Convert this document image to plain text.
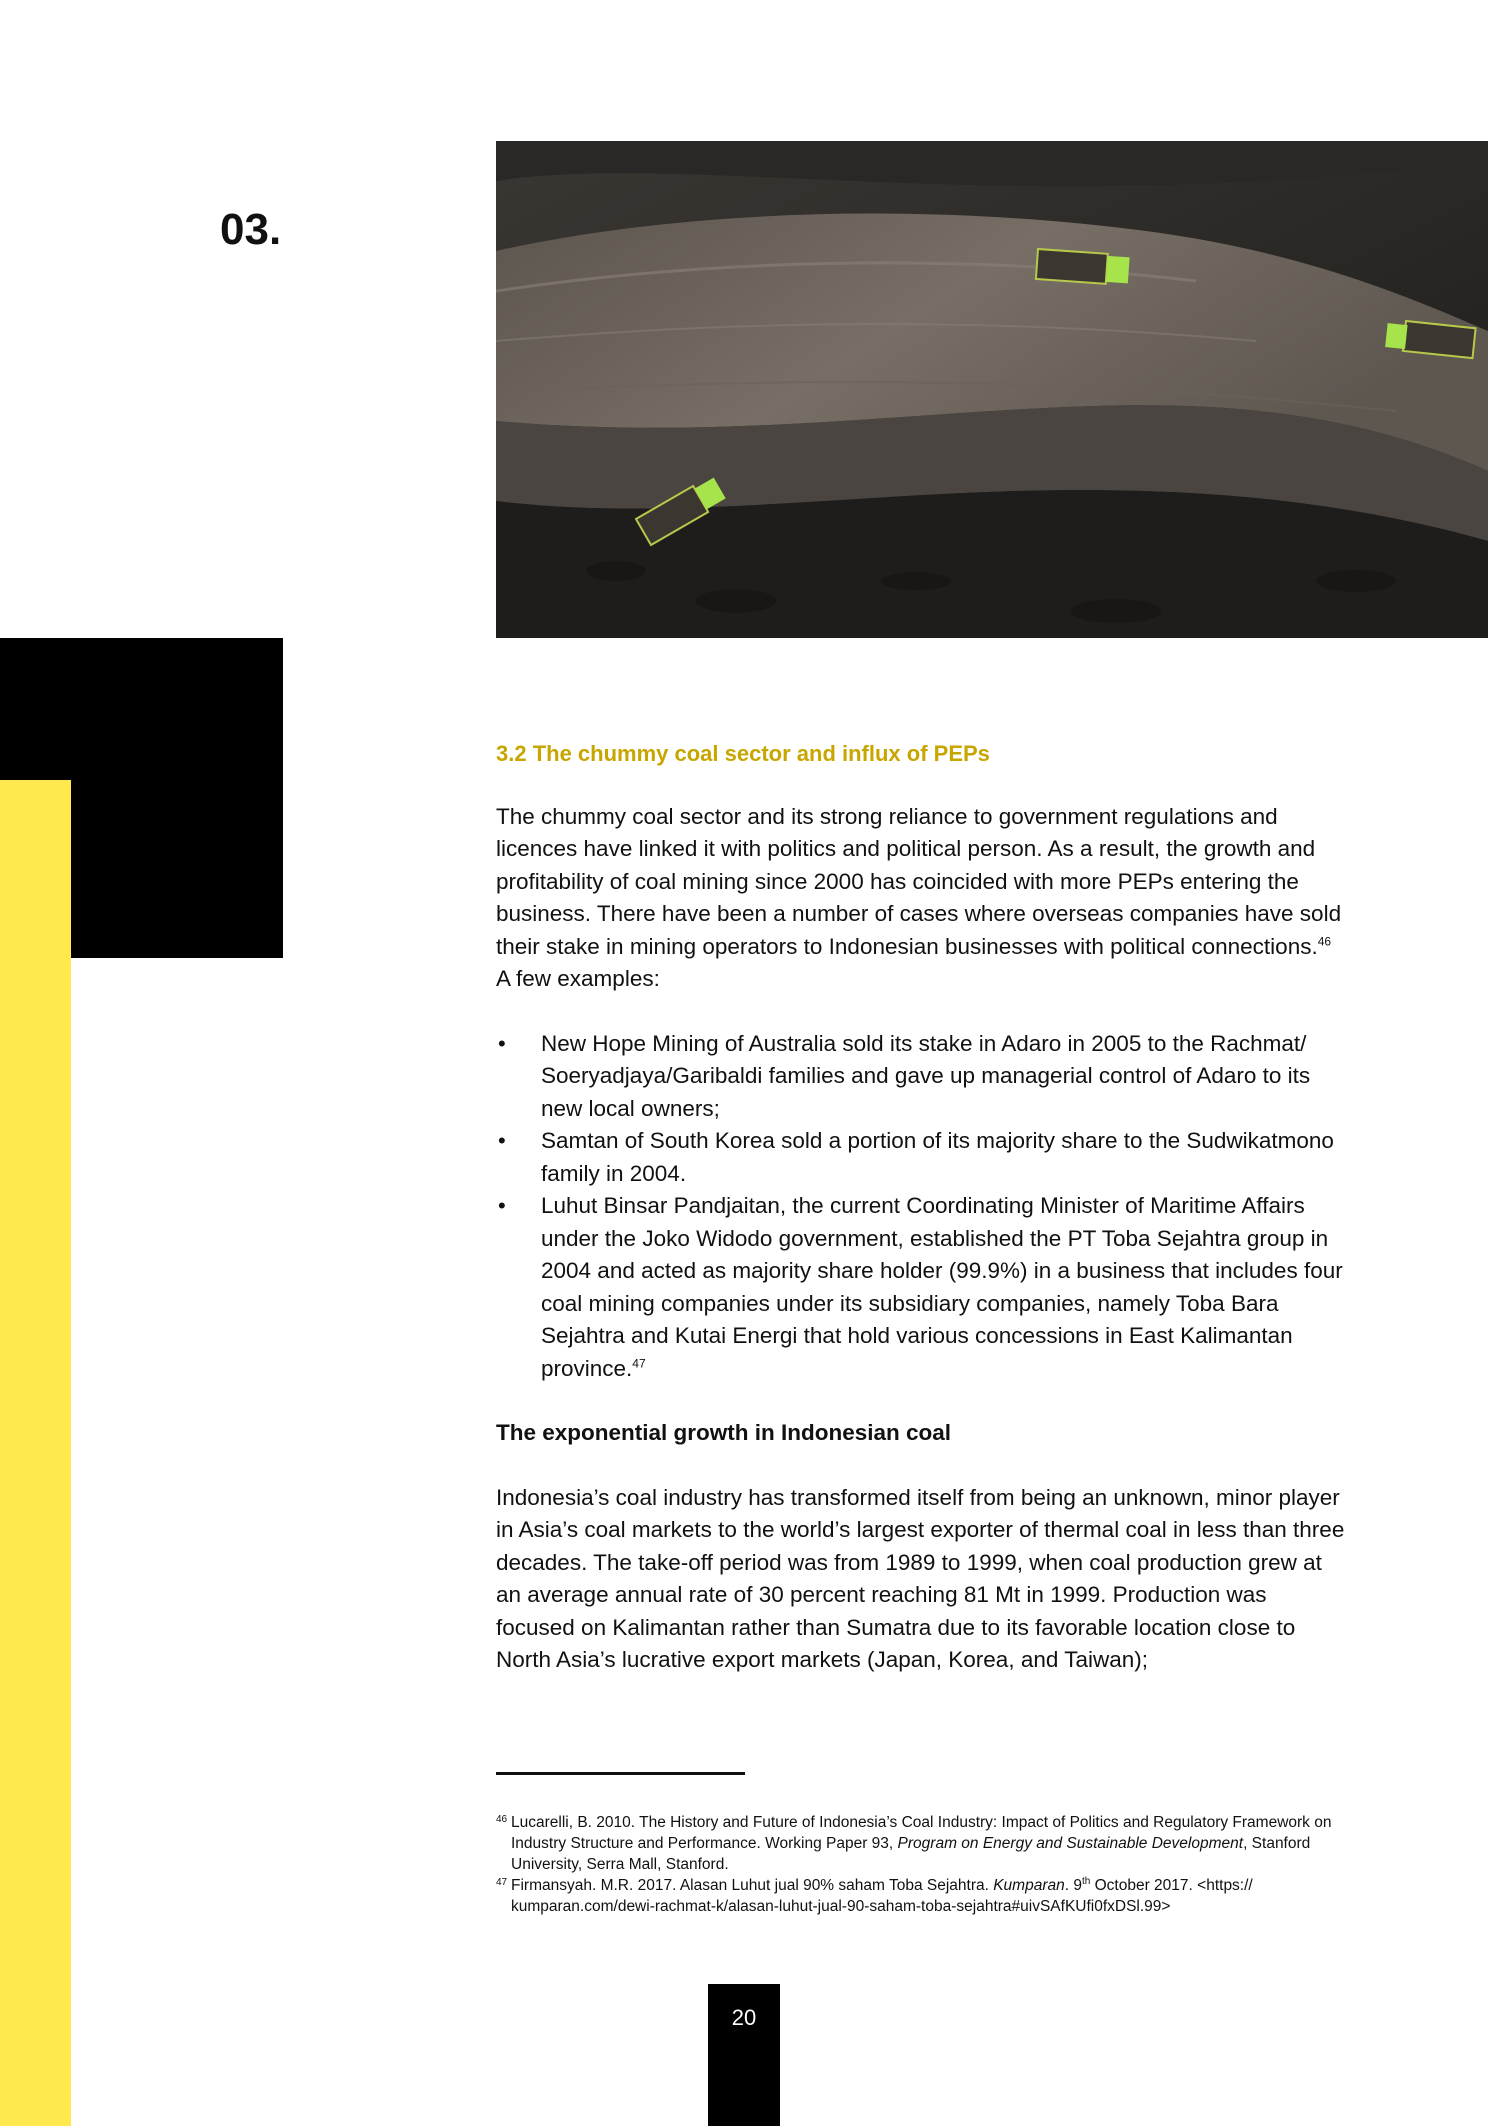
03.
3.2 The chummy coal sector and influx of PEPs

The chummy coal sector and its strong reliance to government regulations and licences have linked it with politics and political person. As a result, the growth and profitability of coal mining since 2000 has coincided with more PEPs entering the business. There have been a number of cases where overseas companies have sold their stake in mining operators to Indonesian businesses with political connections.$^{46}$ A few examples:

• New Hope Mining of Australia sold its stake in Adaro in 2005 to the Rachmat/ Soeryadjaya/Garibaldi families and gave up managerial control of Adaro to its new local owners;
• Samtan of South Korea sold a portion of its majority share to the Sudwikatmono family in 2004.
• Luhut Binsar Pandjaitan, the current Coordinating Minister of Maritime Affairs under the Joko Widodo government, established the PT Toba Sejahtra group in 2004 and acted as majority share holder (99.9%) in a business that includes four coal mining companies under its subsidiary companies, namely Toba Bara Sejahtra and Kutai Energi that hold various concessions in East Kalimantan province.$^{47}$
The exponential growth in Indonesian coal

Indonesia’s coal industry has transformed itself from being an unknown, minor player in Asia’s coal markets to the world’s largest exporter of thermal coal in less than three decades. The take-off period was from 1989 to 1999, when coal production grew at an average annual rate of 30 percent reaching 81 Mt in 1999. Production was focused on Kalimantan rather than Sumatra due to its favorable location close to North Asia’s lucrative export markets (Japan, Korea, and Taiwan);

46 Lucarelli, B. 2010. The History and Future of Indonesia’s Coal Industry: Impact of Politics and Regulatory Framework on Industry Structure and Performance. Working Paper 93, Program on Energy and Sustainable Development, Stanford University, Serra Mall, Stanford.
47 Firmansyah. M.R. 2017. Alasan Luhut jual 90% saham Toba Sejahtra. Kumparan. 9th October 2017. <https:// kumparan.com/dewi-rachmat-k/alasan-luhut-jual-90-saham-toba-sejahtra#uivSAfKUfi0fxDSl.99>
20
